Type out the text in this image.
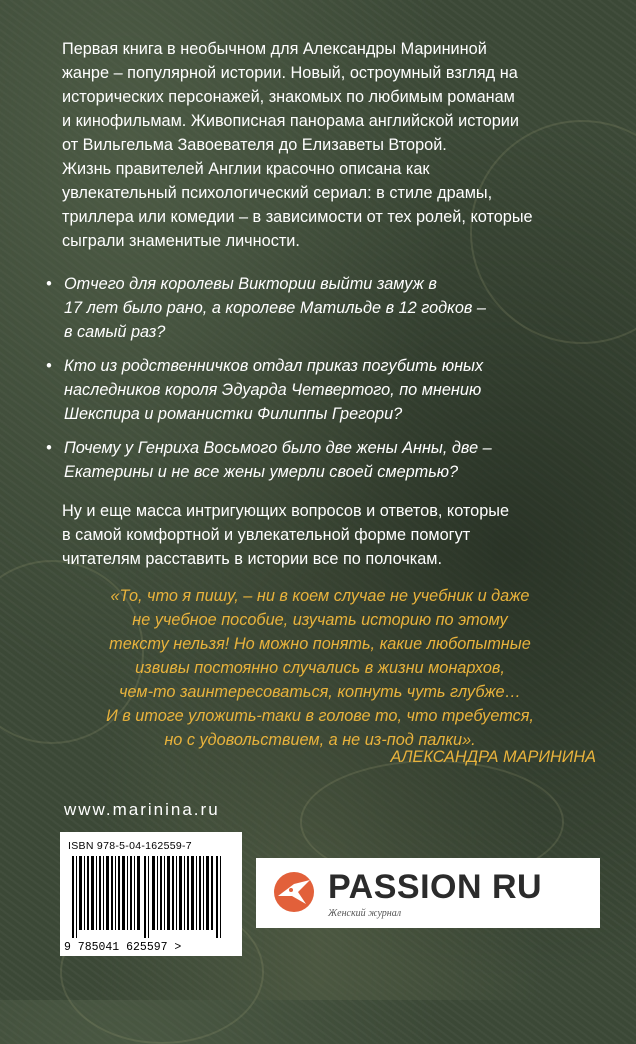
Первая книга в необычном для Александры Марининой
жанре – популярной истории. Новый, остроумный взгляд на
исторических персонажей, знакомых по любимым романам
и кинофильмам. Живописная панорама английской истории
от Вильгельма Завоевателя до Елизаветы Второй.
Жизнь правителей Англии красочно описана как
увлекательный психологический сериал: в стиле драмы,
триллера или комедии – в зависимости от тех ролей, которые
сыграли знаменитые личности.

• Отчего для королевы Виктории выйти замуж в
17 лет было рано, а королеве Матильде в 12 годков –
в самый раз?
• Кто из родственничков отдал приказ погубить юных
наследников короля Эдуарда Четвертого, по мнению
Шекспира и романистки Филиппы Грегори?
• Почему у Генриха Восьмого было две жены Анны, две –
Екатерины и не все жены умерли своей смертью?

Ну и еще масса интригующих вопросов и ответов, которые
в самой комфортной и увлекательной форме помогут
читателям расставить в истории все по полочкам.

«То, что я пишу, – ни в коем случае не учебник и даже
не учебное пособие, изучать историю по этому
тексту нельзя! Но можно понять, какие любопытные
извивы постоянно случались в жизни монархов,
чем-то заинтересоваться, копнуть чуть глубже…
И в итоге уложить-таки в голове то, что требуется,
но с удовольствием, а не из-под палки».

АЛЕКСАНДРА МАРИНИНА
www.marinina.ru

ISBN 978-5-04-162559-7

9 785041 625597 >
PASSION RU
Женский журнал
